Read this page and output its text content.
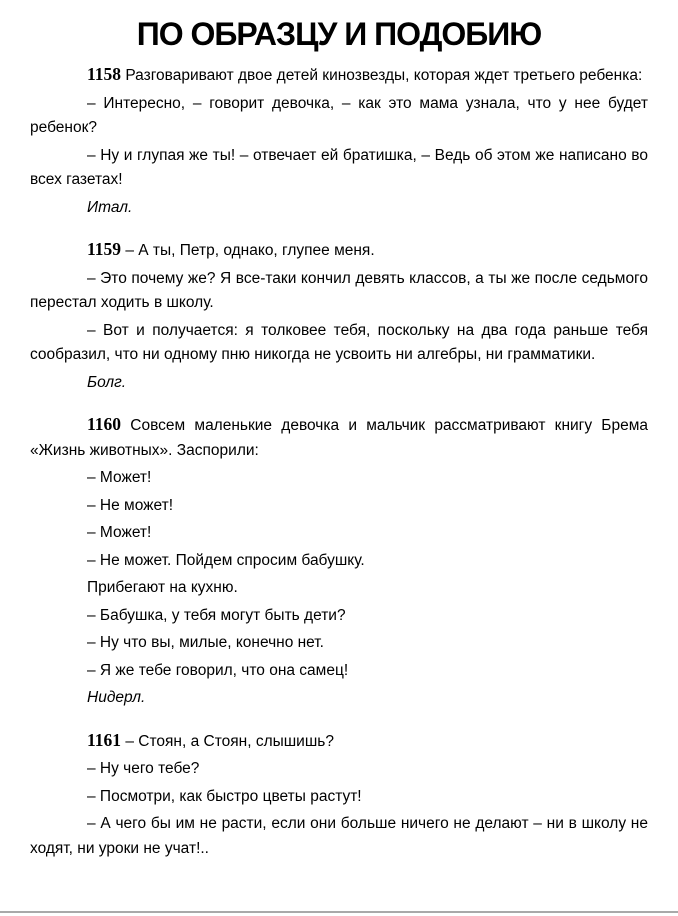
ПО ОБРАЗЦУ И ПОДОБИЮ

1158 Разговаривают двое детей кинозвезды, которая ждет третьего ребенка:

– Интересно, – говорит девочка, – как это мама узнала, что у нее будет ребенок?

– Ну и глупая же ты! – отвечает ей братишка, – Ведь об этом же написано во всех газетах!

Итал.

1159 – А ты, Петр, однако, глупее меня.

– Это почему же? Я все-таки кончил девять классов, а ты же после седьмого перестал ходить в школу.

– Вот и получается: я толковее тебя, поскольку на два года раньше тебя сообразил, что ни одному пню никогда не усвоить ни алгебры, ни грамматики.

Болг.

1160 Совсем маленькие девочка и мальчик рассматривают книгу Брема «Жизнь животных». Заспорили:

– Может!

– Не может!

– Может!

– Не может. Пойдем спросим бабушку.

Прибегают на кухню.

– Бабушка, у тебя могут быть дети?

– Ну что вы, милые, конечно нет.

– Я же тебе говорил, что она самец!

Нидерл.

1161 – Стоян, а Стоян, слышишь?

– Ну чего тебе?

– Посмотри, как быстро цветы растут!

– А чего бы им не расти, если они больше ничего не делают – ни в школу не ходят, ни уроки не учат!..
